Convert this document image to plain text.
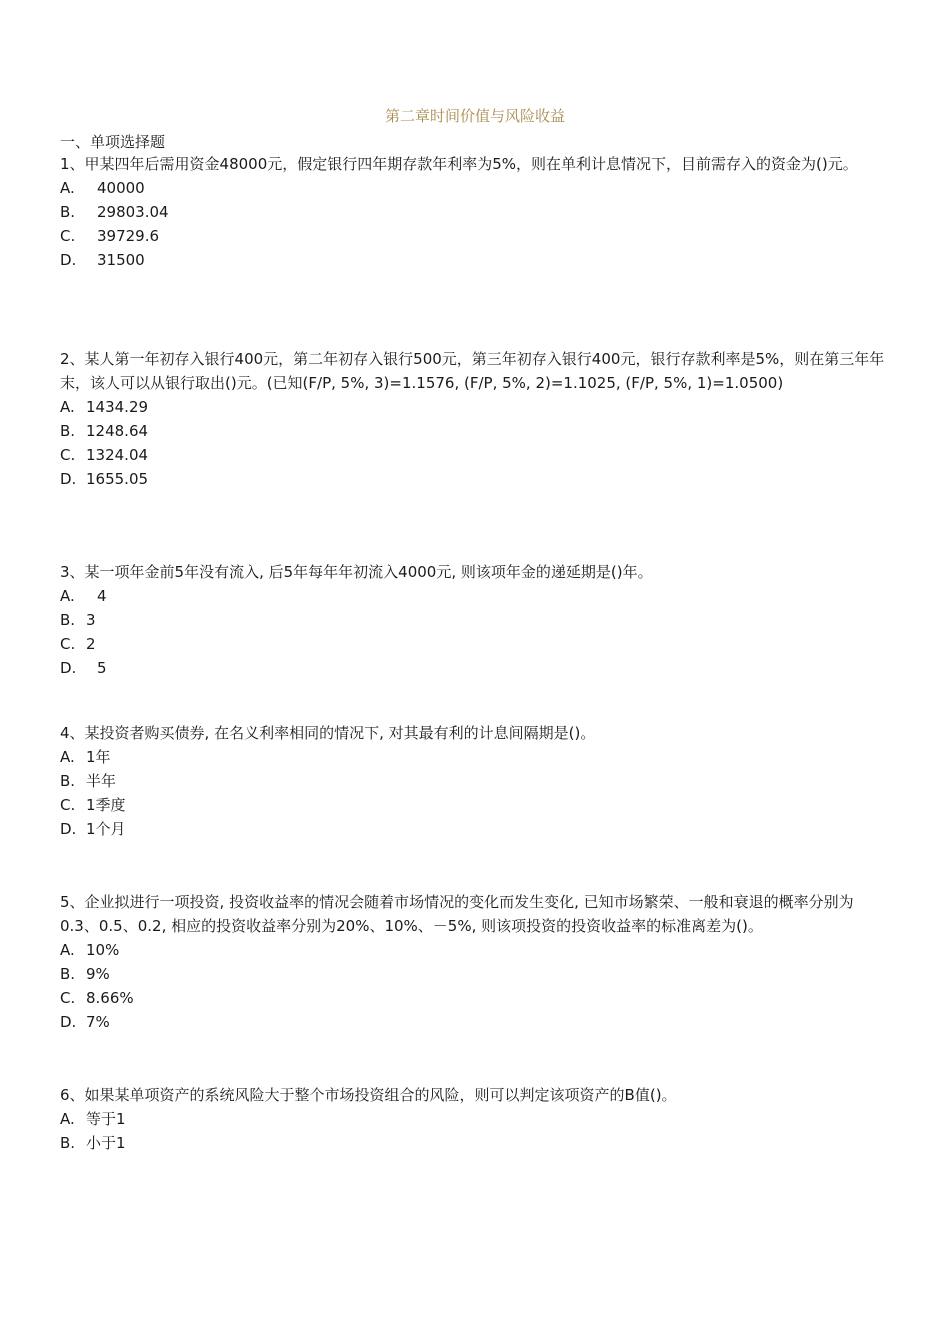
第二章时间价值与风险收益
一、单项选择题

1、甲某四年后需用资金48000元，假定银行四年期存款年利率为5%，则在单利计息情况下，目前需存入的资金为()元。

A.	40000
B.	29803.04
C.	39729.6
D.	31500

2、某人第一年初存入银行400元，第二年初存入银行500元，第三年初存入银行400元，银行存款利率是5%，则在第三年年末，该人可以从银行取出()元。(已知(F/P, 5%, 3)=1.1576, (F/P, 5%, 2)=1.1025, (F/P, 5%, 1)=1.0500)

A. 1434.29
B. 1248.64
C. 1324.04
D. 1655.05

3、某一项年金前5年没有流入, 后5年每年年初流入4000元, 则该项年金的递延期是()年。

A.	4
B. 3
C. 2
D.	5

4、某投资者购买债券, 在名义利率相同的情况下, 对其最有利的计息间隔期是()。

A. 1年
B. 半年
C. 1季度
D. 1个月

5、企业拟进行一项投资, 投资收益率的情况会随着市场情况的变化而发生变化, 已知市场繁荣、一般和衰退的概率分别为0.3、0.5、0.2, 相应的投资收益率分别为20%、10%、－5%, 则该项投资的投资收益率的标准离差为()。

A. 10%
B. 9%
C. 8.66%
D. 7%

6、如果某单项资产的系统风险大于整个市场投资组合的风险，则可以判定该项资产的B值()。

A. 等于1
B. 小于1
